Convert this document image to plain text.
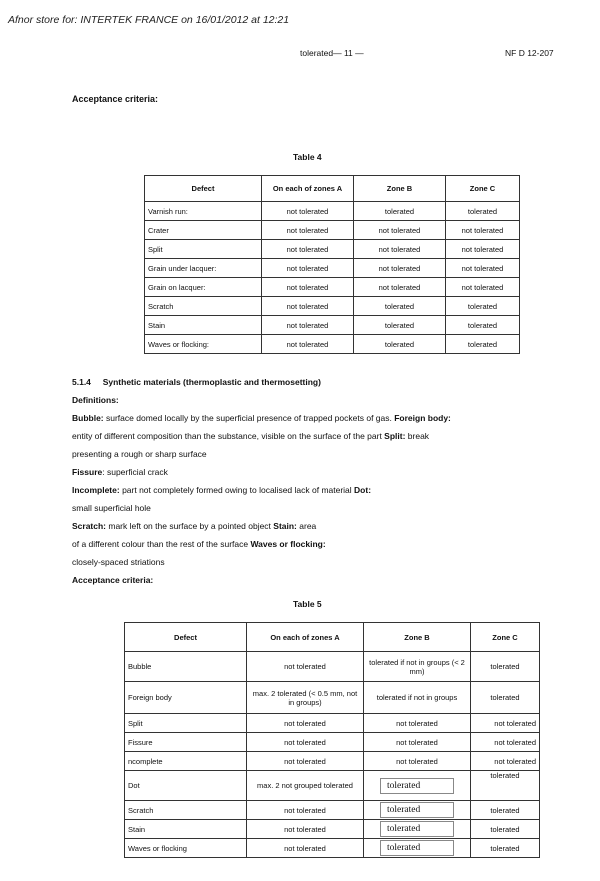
Afnor store for: INTERTEK FRANCE on 16/01/2012 at 12:21
tolerated— 11 —	NF D 12-207
Acceptance criteria:
Table 4
Defect	On each of zones A	Zone B	Zone C
Varnish run:	not tolerated	tolerated	tolerated
Crater	not tolerated	not tolerated	not tolerated
Split	not tolerated	not tolerated	not tolerated
Grain under lacquer:	not tolerated	not tolerated	not tolerated
Grain on lacquer:	not tolerated	not tolerated	not tolerated
Scratch	not tolerated	tolerated	tolerated
Stain	not tolerated	tolerated	tolerated
Waves or flocking:	not tolerated	tolerated	tolerated
5.1.4 Synthetic materials (thermoplastic and thermosetting)
Definitions:
Bubble: surface domed locally by the superficial presence of trapped pockets of gas. Foreign body:
entity of different composition than the substance, visible on the surface of the part Split: break
presenting a rough or sharp surface
Fissure: superficial crack
Incomplete: part not completely formed owing to localised lack of material Dot:
small superficial hole
Scratch: mark left on the surface by a pointed object Stain: area
of a different colour than the rest of the surface Waves or flocking:
closely-spaced striations
Acceptance criteria:
Table 5
Defect	On each of zones A	Zone B	Zone C
Bubble	not tolerated	tolerated if not in groups (< 2 mm)	tolerated
Foreign body	max. 2 tolerated (< 0.5 mm, not in groups)	tolerated if not in groups	tolerated
Split	not tolerated	not tolerated	not tolerated
Fissure	not tolerated	not tolerated	not tolerated
ncomplete	not tolerated	not tolerated	not tolerated
Dot	max. 2 not grouped tolerated	tolerated	tolerated
Scratch	not tolerated	tolerated	tolerated
Stain	not tolerated	tolerated	tolerated
Waves or flocking	not tolerated	tolerated	tolerated
